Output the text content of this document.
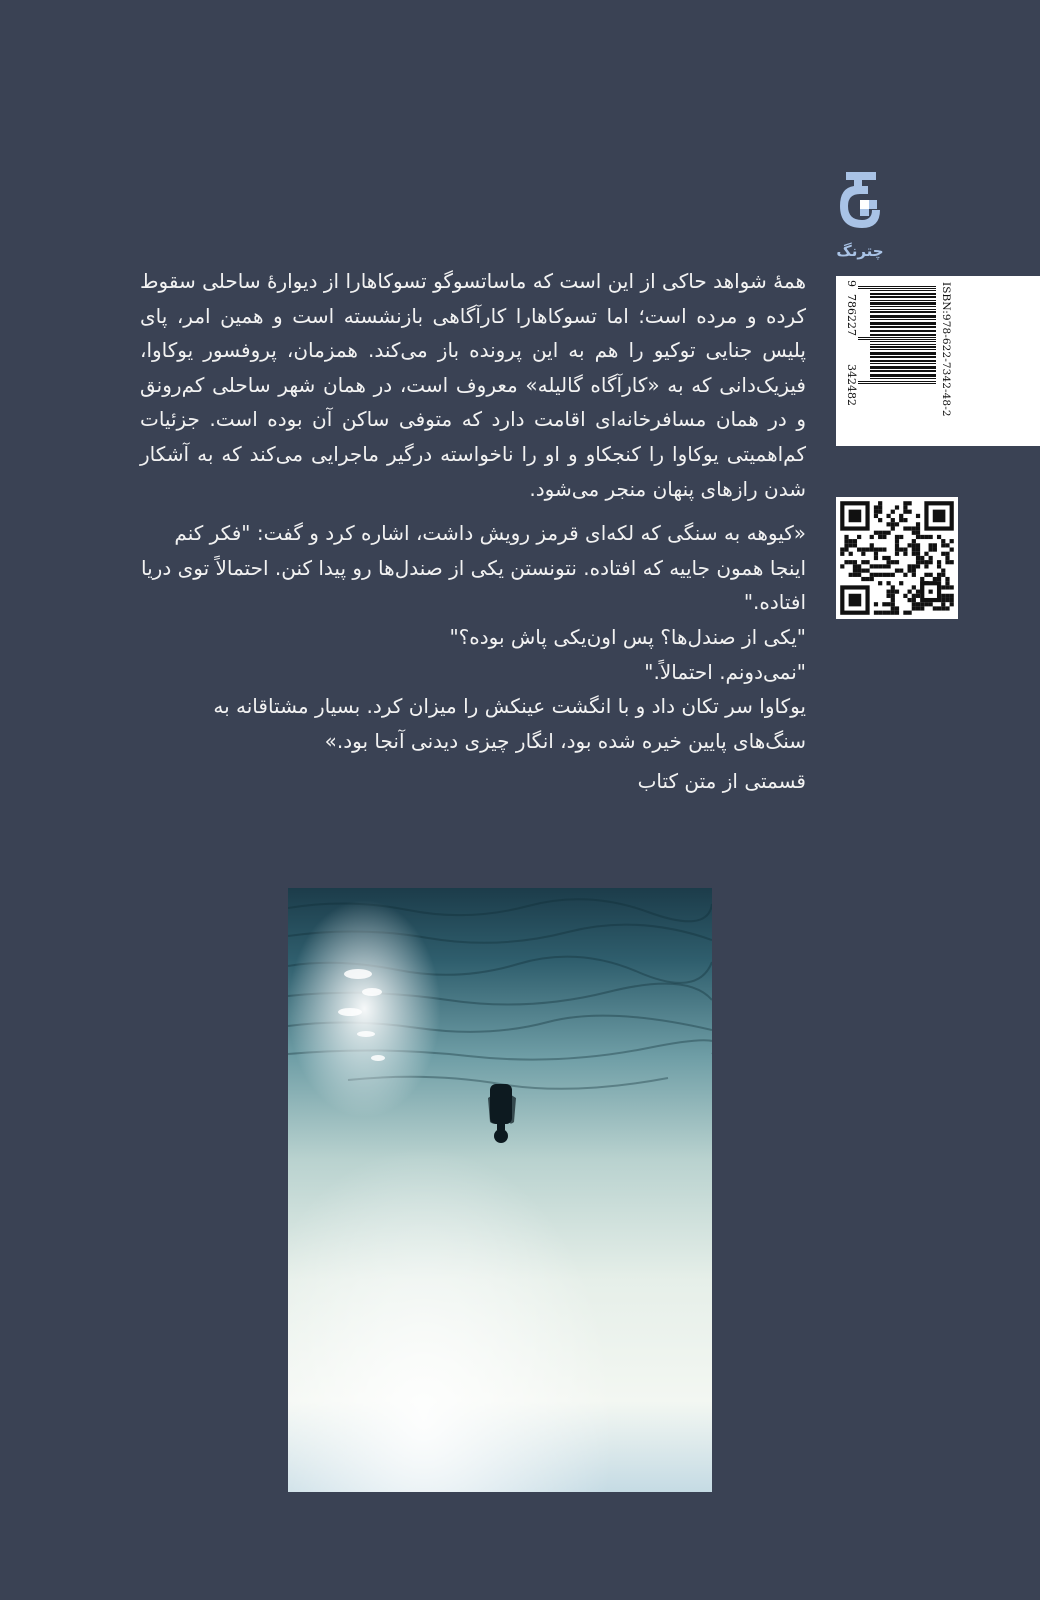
چترنگ
ISBN:978-622-7342-48-2
9
786227
342482

همهٔ شواهد حاکی از این است که ماساتسوگو تسوکاهارا از دیوارهٔ ساحلی سقوط کرده و مرده است؛ اما تسوکاهارا کارآگاهی بازنشسته است و همین امر، پای پلیس جنایی توکیو را هم به این پرونده باز می‌کند. همزمان، پروفسور یوکاوا، فیزیک‌دانی که به «کارآگاه گالیله» معروف است، در همان شهر ساحلی کم‌رونق و در همان مسافرخانه‌ای اقامت دارد که متوفی ساکن آن بوده است. جزئیات کم‌اهمیتی یوکاوا را کنجکاو و او را ناخواسته درگیر ماجرایی می‌کند که به آشکار شدن رازهای پنهان منجر می‌شود.

«کیوهه به سنگی که لکه‌ای قرمز رویش داشت، اشاره کرد و گفت: "فکر کنم اینجا همون جاییه که افتاده. نتونستن یکی از صندل‌ها رو پیدا کنن. احتمالاً توی دریا افتاده."

"یکی از صندل‌ها؟ پس اون‌یکی پاش بوده؟"

"نمی‌دونم. احتمالاً."

یوکاوا سر تکان داد و با انگشت عینکش را میزان کرد. بسیار مشتاقانه به سنگ‌های پایین خیره شده بود، انگار چیزی دیدنی آنجا بود.»

قسمتی از متن کتاب
